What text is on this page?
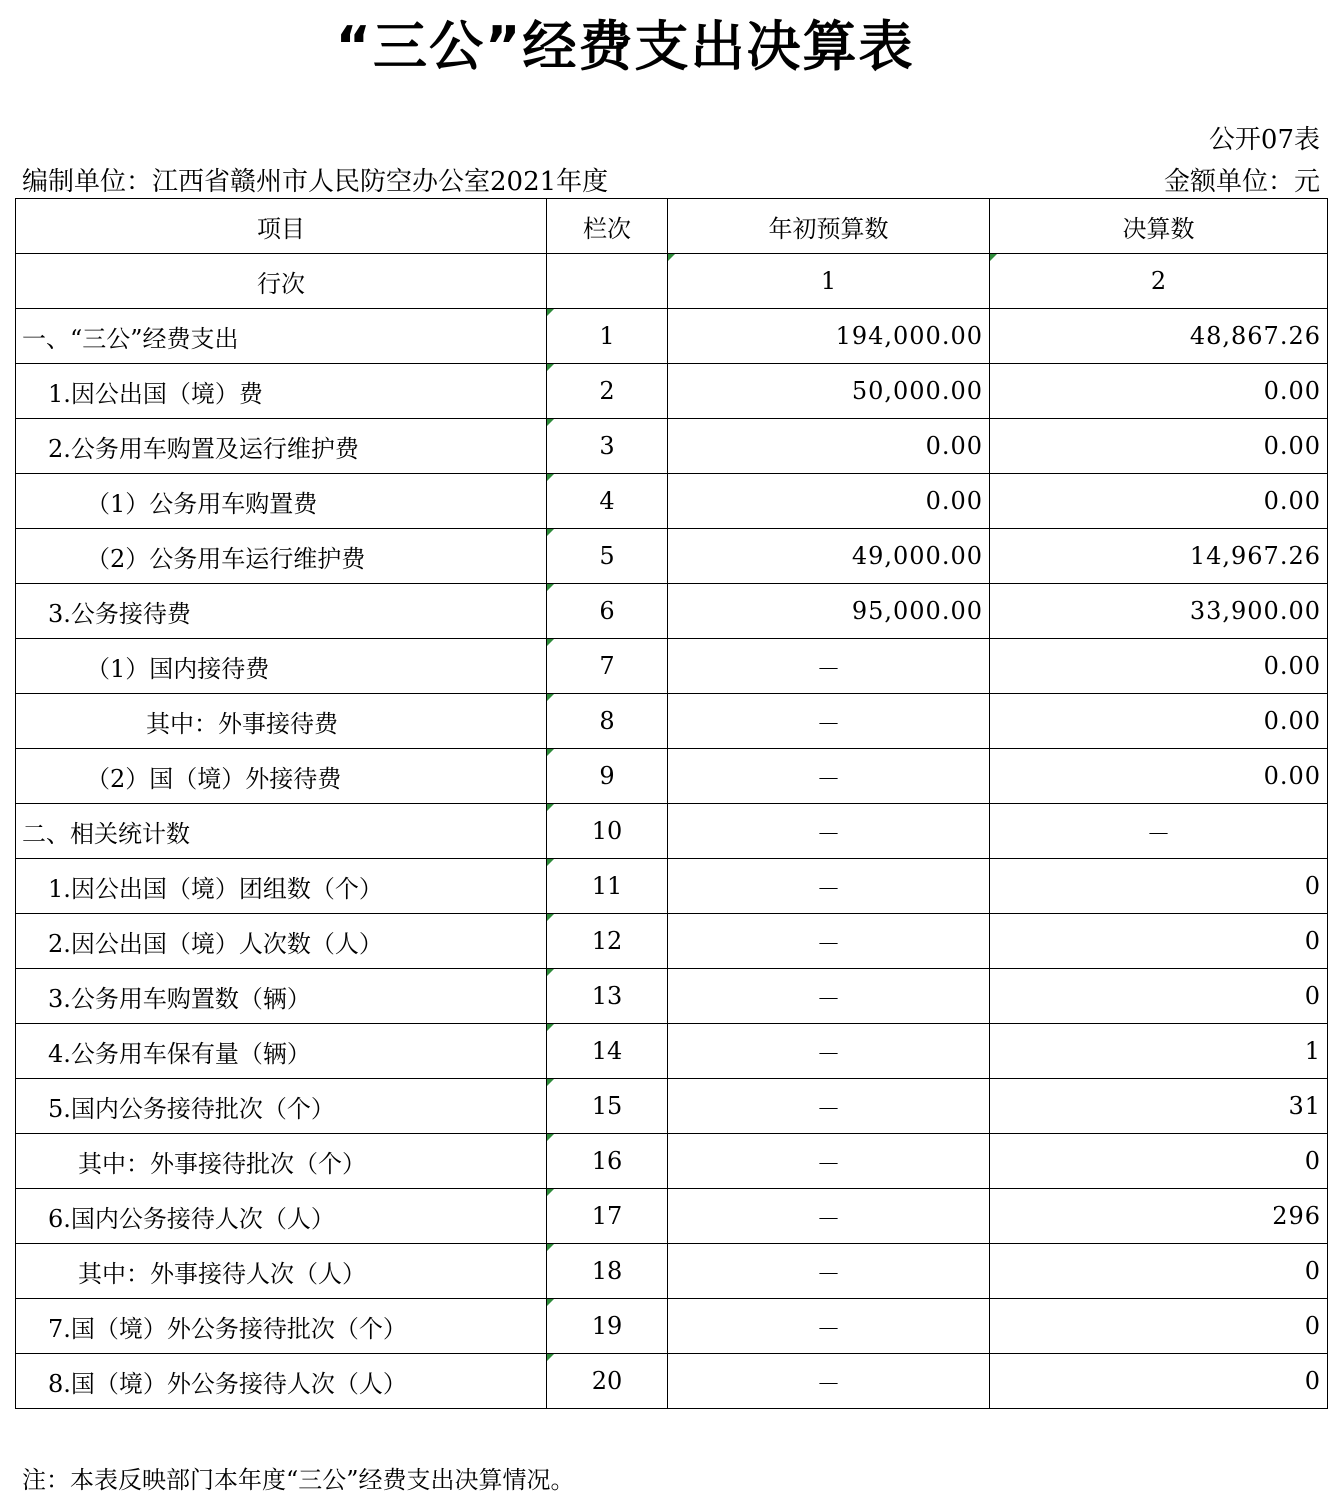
“三公”经费支出决算表
公开07表
编制单位：江西省赣州市人民防空办公室2021年度	金额单位：元
项目	栏次	年初预算数	决算数
行次		1	2
一、“三公”经费支出	1	194,000.00	48,867.26
1.因公出国（境）费	2	50,000.00	0.00
2.公务用车购置及运行维护费	3	0.00	0.00
（1）公务用车购置费	4	0.00	0.00
（2）公务用车运行维护费	5	49,000.00	14,967.26
3.公务接待费	6	95,000.00	33,900.00
（1）国内接待费	7	－	0.00
其中：外事接待费	8	－	0.00
（2）国（境）外接待费	9	－	0.00
二、相关统计数	10	－	－
1.因公出国（境）团组数（个）	11	－	0
2.因公出国（境）人次数（人）	12	－	0
3.公务用车购置数（辆）	13	－	0
4.公务用车保有量（辆）	14	－	1
5.国内公务接待批次（个）	15	－	31
其中：外事接待批次（个）	16	－	0
6.国内公务接待人次（人）	17	－	296
其中：外事接待人次（人）	18	－	0
7.国（境）外公务接待批次（个）	19	－	0
8.国（境）外公务接待人次（人）	20	－	0
注：本表反映部门本年度“三公”经费支出决算情况。
